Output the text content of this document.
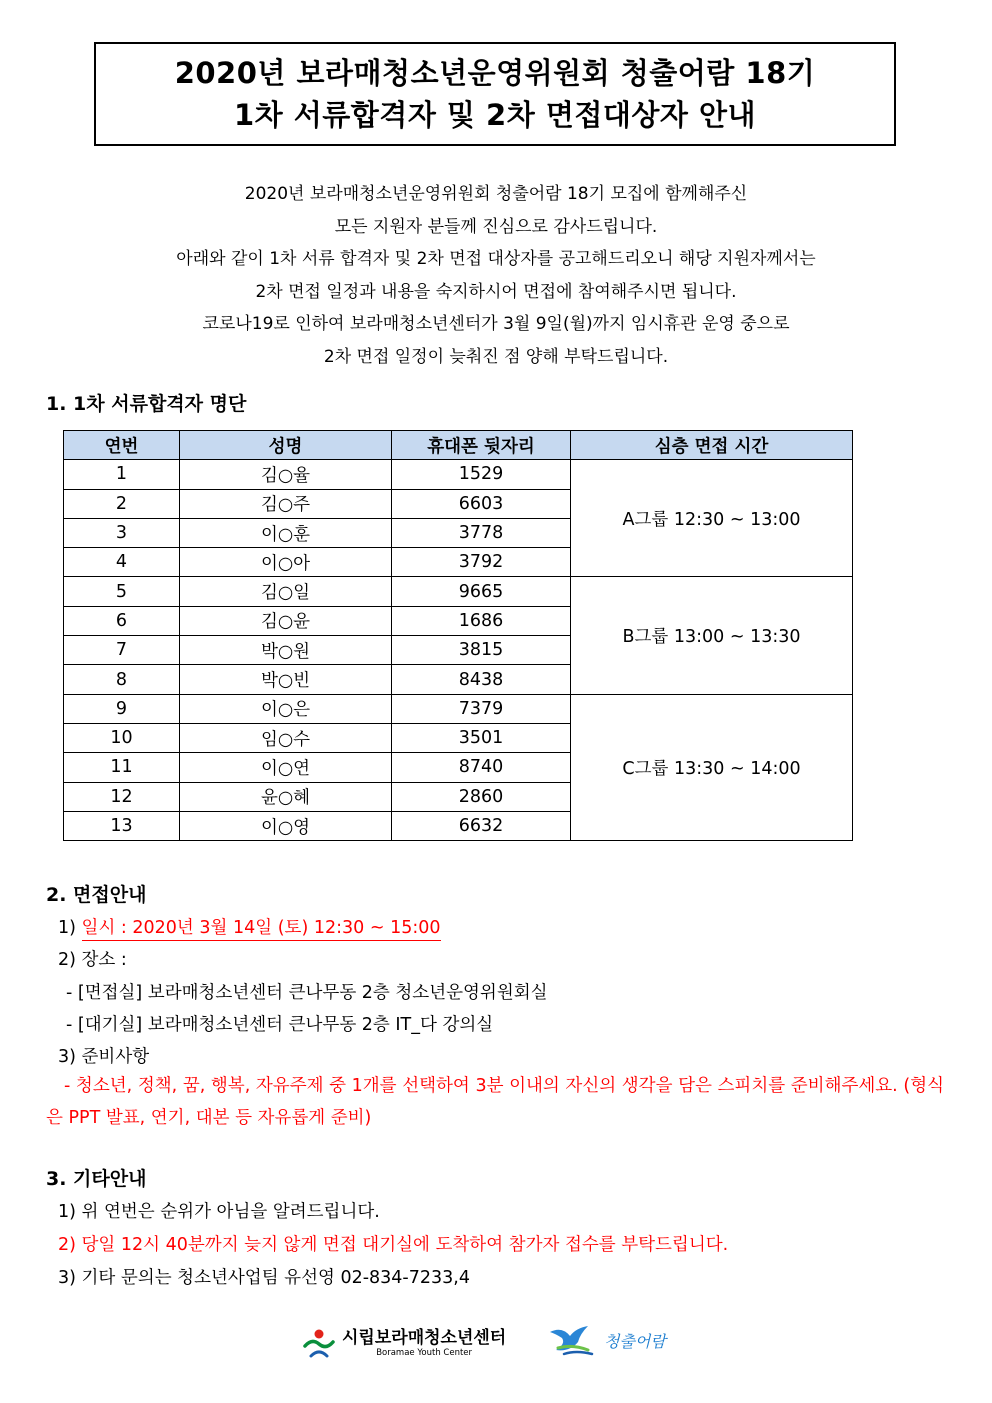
2020년 보라매청소년운영위원회 청출어람 18기
1차 서류합격자 및 2차 면접대상자 안내
2020년 보라매청소년운영위원회 청출어람 18기 모집에 함께해주신
모든 지원자 분들께 진심으로 감사드립니다.
아래와 같이 1차 서류 합격자 및 2차 면접 대상자를 공고해드리오니 해당 지원자께서는
2차 면접 일정과 내용을 숙지하시어 면접에 참여해주시면 됩니다.
코로나19로 인하여 보라매청소년센터가 3월 9일(월)까지 임시휴관 운영 중으로
2차 면접 일정이 늦춰진 점 양해 부탁드립니다.
1. 1차 서류합격자 명단
연번	성명	휴대폰 뒷자리	심층 면접 시간
1	김○율	1529	A그룹 12:30 ~ 13:00
2	김○주	6603	
3	이○훈	3778	
4	이○아	3792	
5	김○일	9665	B그룹 13:00 ~ 13:30
6	김○윤	1686	
7	박○원	3815	
8	박○빈	8438	
9	이○은	7379	C그룹 13:30 ~ 14:00
10	임○수	3501	
11	이○연	8740	
12	윤○혜	2860	
13	이○영	6632	
2. 면접안내
1) 일시 : 2020년 3월 14일 (토) 12:30 ~ 15:00
2) 장소 :
- [면접실] 보라매청소년센터 큰나무동 2층 청소년운영위원회실
- [대기실] 보라매청소년센터 큰나무동 2층 IT_다 강의실
3) 준비사항
- 청소년, 정책, 꿈, 행복, 자유주제 중 1개를 선택하여 3분 이내의 자신의 생각을 담은 스피치를 준비해주세요. (형식은 PPT 발표, 연기, 대본 등 자유롭게 준비)
3. 기타안내
1) 위 연번은 순위가 아님을 알려드립니다.
2) 당일 12시 40분까지 늦지 않게 면접 대기실에 도착하여 참가자 접수를 부탁드립니다.
3) 기타 문의는 청소년사업팀 유선영 02-834-7233,4
시립보라매청소년센터
Boramae Youth Center
청출어람
